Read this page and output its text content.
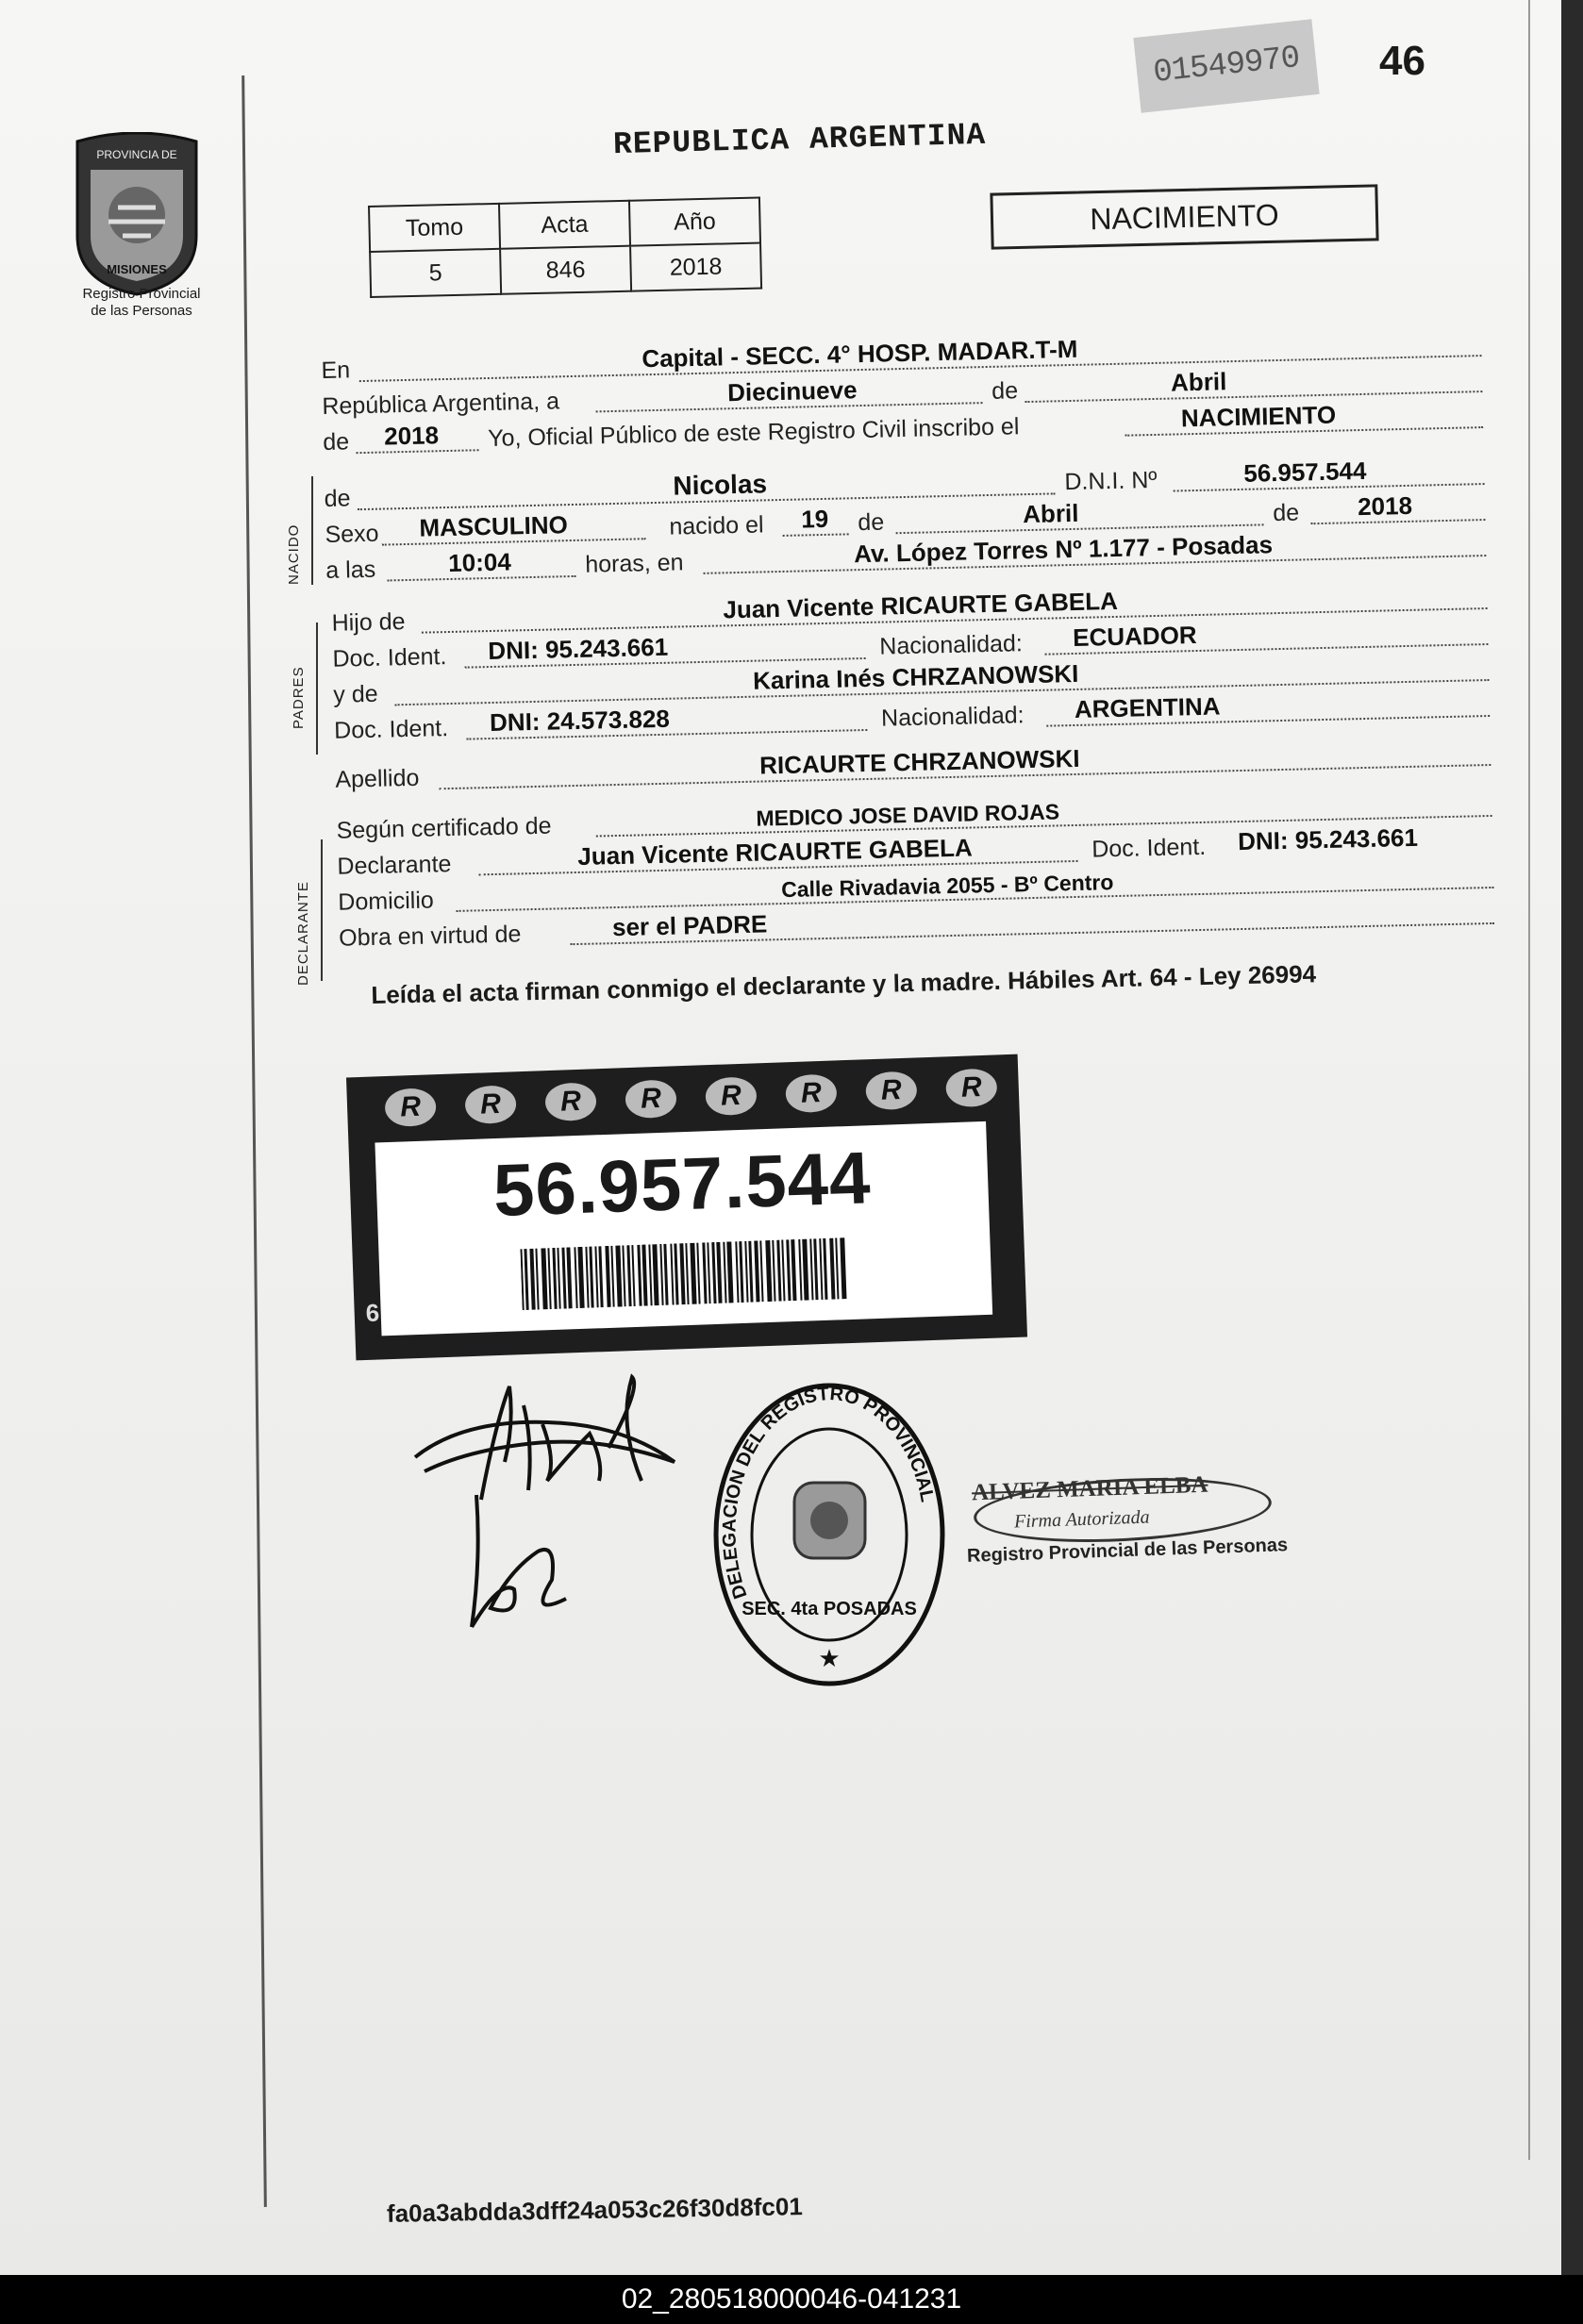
46
01549970
REPUBLICA ARGENTINA
PROVINCIA DE
MISIONES
Registro Provincial
de las Personas
Tomo	Acta	Año
5	846	2018
NACIMIENTO
En	Capital - SECC. 4° HOSP. MADAR.T-M
República Argentina, a	Diecinueve	de	Abril
de 2018 Yo, Oficial Público de este Registro Civil inscribo el	NACIMIENTO
de	Nicolas	D.N.I. Nº	56.957.544
Sexo MASCULINO	nacido el 19 de	Abril	de 2018
a las	10:04	horas, en	Av. López Torres Nº 1.177 - Posadas
Hijo de	Juan Vicente RICAURTE GABELA
Doc. Ident. DNI: 95.243.661	Nacionalidad: ECUADOR
y de	Karina Inés CHRZANOWSKI
Doc. Ident. DNI: 24.573.828	Nacionalidad: ARGENTINA
Apellido	RICAURTE CHRZANOWSKI
Según certificado de	MEDICO JOSE DAVID ROJAS
Declarante	Juan Vicente RICAURTE GABELA	Doc. Ident. DNI: 95.243.661
Domicilio	Calle Rivadavia 2055 - Bº Centro
Obra en virtud de	ser el PADRE
NACIDO
PADRES
DECLARANTE Leída el acta firman conmigo el declarante y la madre. Hábiles Art. 64 - Ley 26994
R	R	R	R	R	R	R	R
6
56.957.544
DELEGACION DEL REGISTRO PROVINCIAL
SEC. 4ta POSADAS
★
ALVEZ MARIA ELBA
Firma Autorizada
Registro Provincial de las Personas
fa0a3abdda3dff24a053c26f30d8fc01
02_280518000046-041231
